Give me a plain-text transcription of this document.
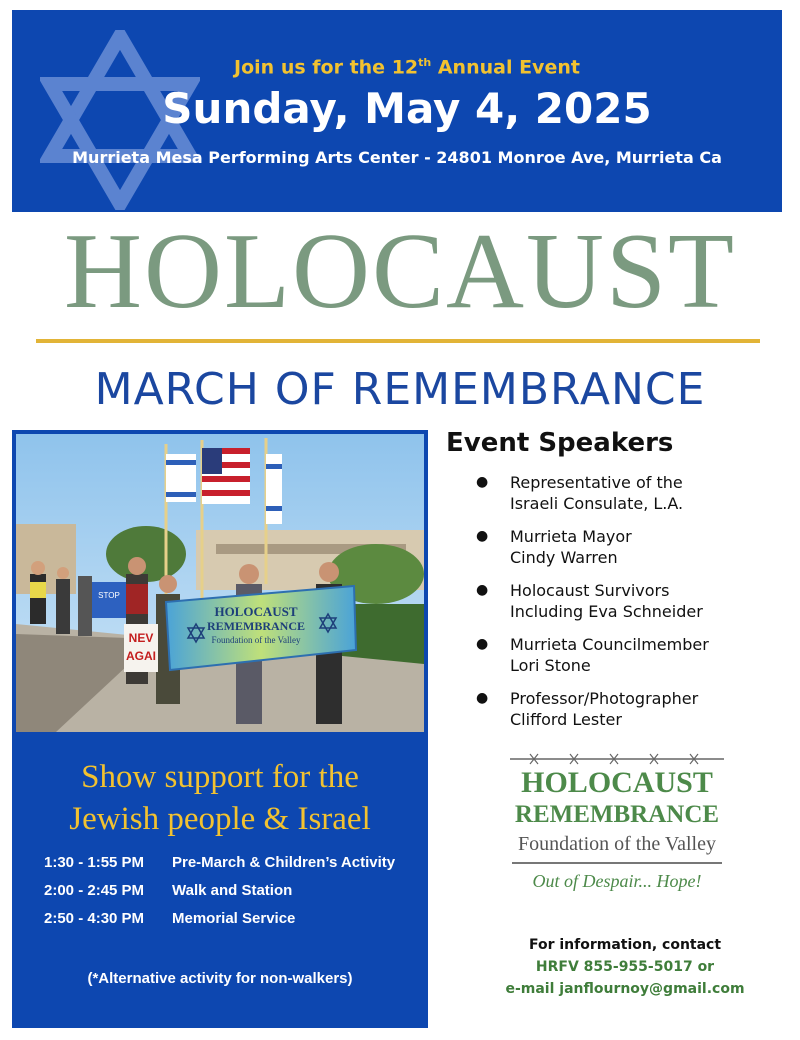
Join us for the 12th Annual Event
Sunday, May 4, 2025
Murrieta Mesa Performing Arts Center - 24801 Monroe Ave, Murrieta Ca
HOLOCAUST
MARCH OF REMEMBRANCE
STOP
NEV
AGAI
HOLOCAUST
REMEMBRANCE
Foundation of the Valley
Show support for the
Jewish people & Israel
1:30 - 1:55 PM	Pre-March & Children’s Activity
2:00 - 2:45 PM	Walk and Station
2:50 - 4:30 PM	Memorial Service
(*Alternative activity for non-walkers)
Event Speakers
● Representative of the
Israeli Consulate, L.A.
● Murrieta Mayor
Cindy Warren
● Holocaust Survivors
Including Eva Schneider
● Murrieta Councilmember
Lori Stone
● Professor/Photographer
Clifford Lester
HOLOCAUST
REMEMBRANCE
Foundation of the Valley
Out of Despair... Hope!
For information, contact
HRFV 855-955-5017 or
e-mail janflournoy@gmail.com
